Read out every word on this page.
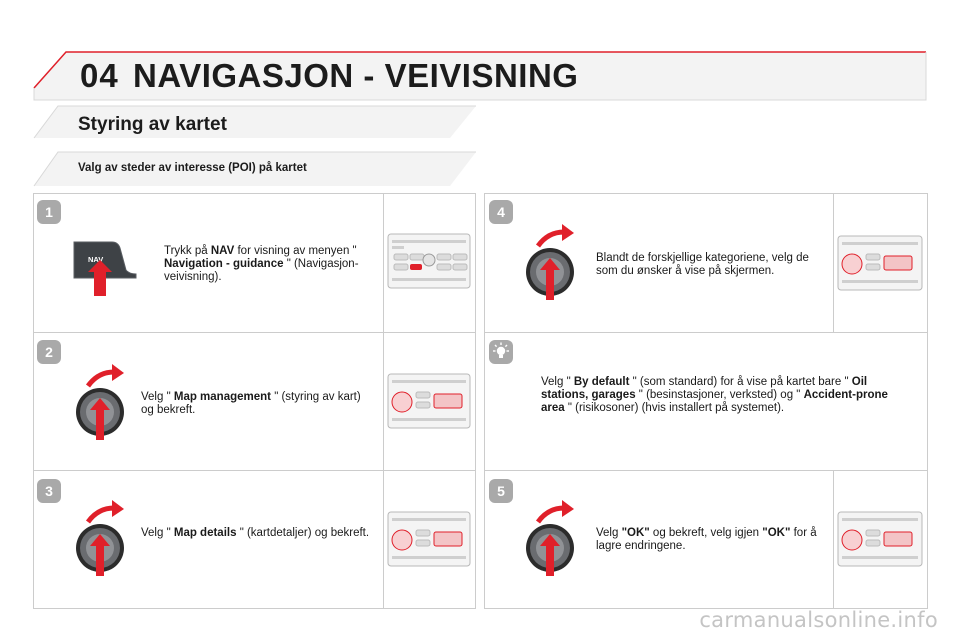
04 NAVIGASJON - VEIVISNING
Styring av kartet
Valg av steder av interesse (POI) på kartet
1
NAV
Trykk på NAV for visning av menyen " Navigation - guidance " (Navigasjon-veivisning).
2
Velg " Map management " (styring av kart) og bekreft.
3
Velg " Map details " (kartdetaljer) og bekreft.
4
Blandt de forskjellige kategoriene, velg de som du ønsker å vise på skjermen.
Velg " By default " (som standard) for å vise på kartet bare " Oil stations, garages " (besinstasjoner, verksted) og " Accident-prone area " (risikosoner) (hvis installert på systemet).
5
Velg "OK" og bekreft, velg igjen "OK" for å lagre endringene.
carmanualsonline.info
